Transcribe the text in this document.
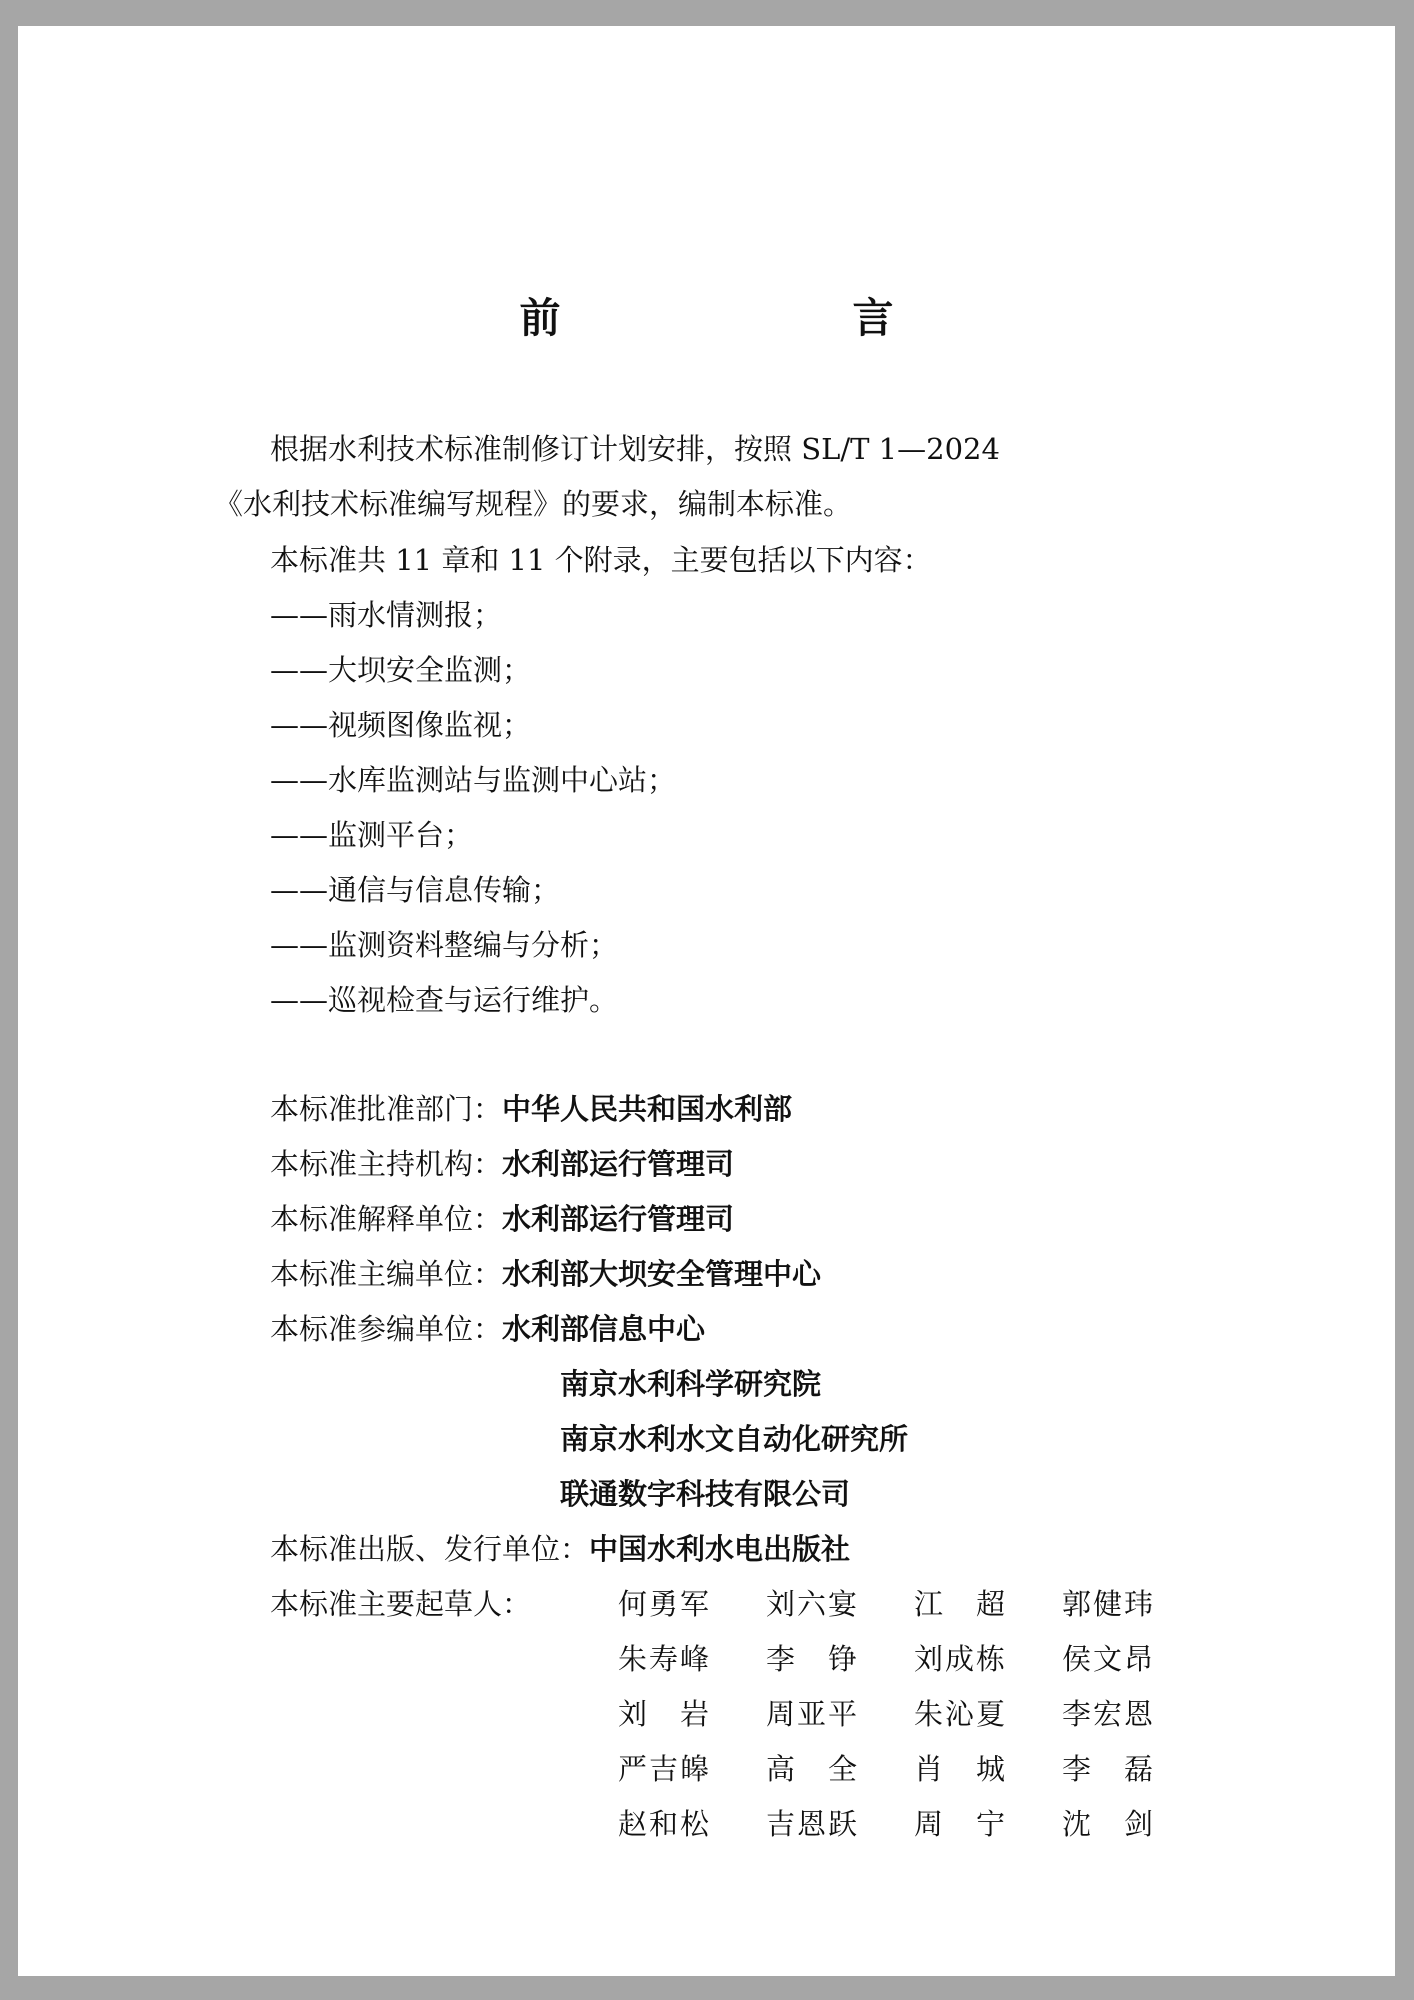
前　　言
根据水利技术标准制修订计划安排，按照 SL/T 1—2024
《水利技术标准编写规程》的要求，编制本标准。
本标准共 11 章和 11 个附录，主要包括以下内容：
——雨水情测报；
——大坝安全监测；
——视频图像监视；
——水库监测站与监测中心站；
——监测平台；
——通信与信息传输；
——监测资料整编与分析；
——巡视检查与运行维护。
本标准批准部门：中华人民共和国水利部
本标准主持机构：水利部运行管理司
本标准解释单位：水利部运行管理司
本标准主编单位：水利部大坝安全管理中心
本标准参编单位：水利部信息中心
南京水利科学研究院
南京水利水文自动化研究所
联通数字科技有限公司
本标准出版、发行单位：中国水利水电出版社
本标准主要起草人：	何勇军	刘六宴	江　超	郭健玮
朱寿峰	李　铮	刘成栋	侯文昂
刘　岩	周亚平	朱沁夏	李宏恩
严吉皞	高　全	肖　城	李　磊
赵和松	吉恩跃	周　宁	沈　剑
